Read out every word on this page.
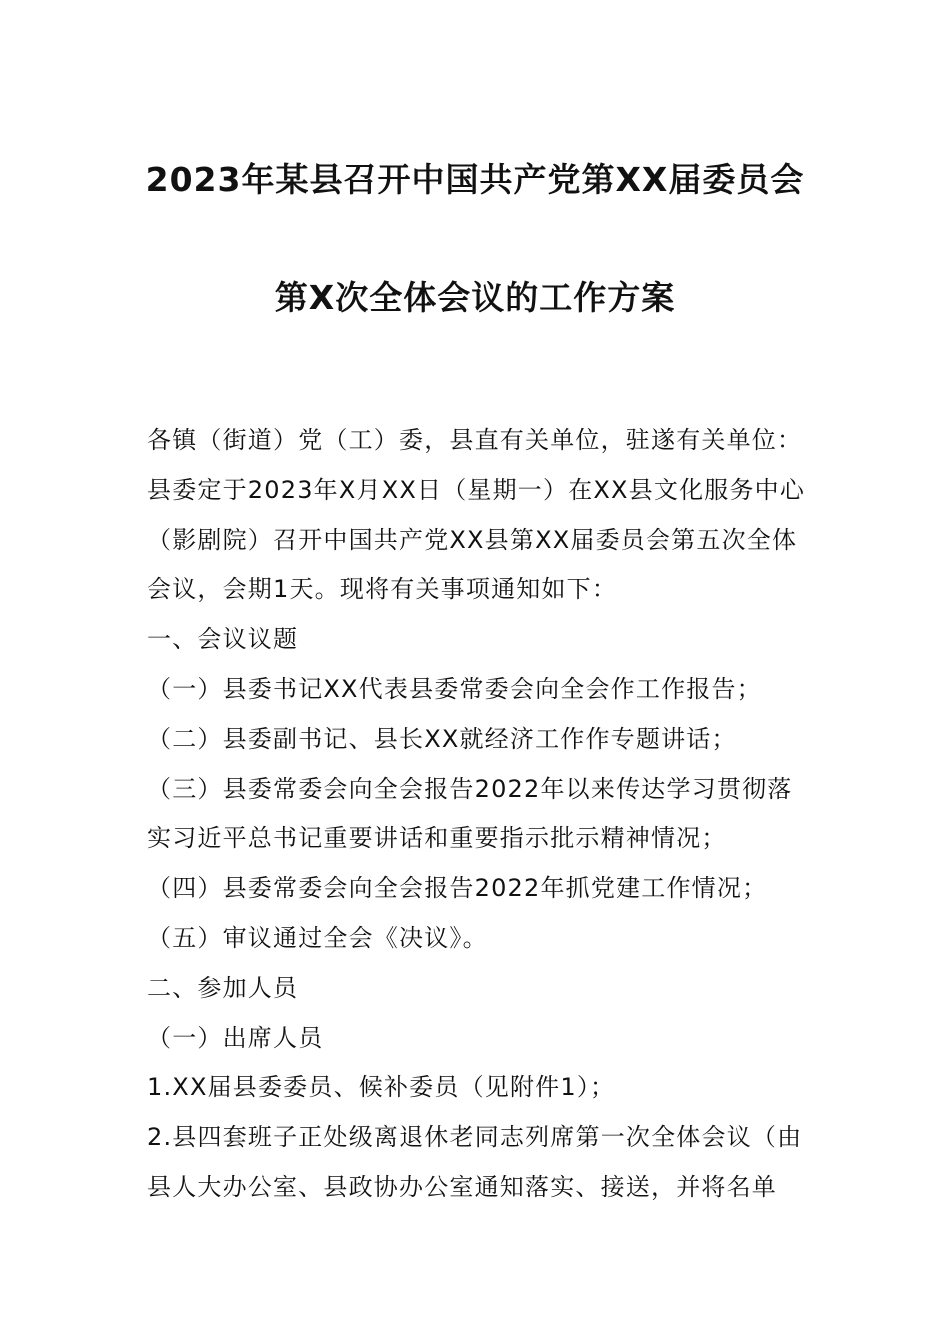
2023年某县召开中国共产党第XX届委员会
第X次全体会议的工作方案

各镇（街道）党（工）委，县直有关单位，驻遂有关单位：

县委定于2023年X月XX日（星期一）在XX县文化服务中心（影剧院）召开中国共产党XX县第XX届委员会第五次全体会议，会期1天。现将有关事项通知如下：

一、会议议题

（一）县委书记XX代表县委常委会向全会作工作报告；

（二）县委副书记、县长XX就经济工作作专题讲话；

（三）县委常委会向全会报告2022年以来传达学习贯彻落实习近平总书记重要讲话和重要指示批示精神情况；

（四）县委常委会向全会报告2022年抓党建工作情况；

（五）审议通过全会《决议》。

二、参加人员

（一）出席人员

1.XX届县委委员、候补委员（见附件1）；

2.县四套班子正处级离退休老同志列席第一次全体会议（由县人大办公室、县政协办公室通知落实、接送，并将名单
